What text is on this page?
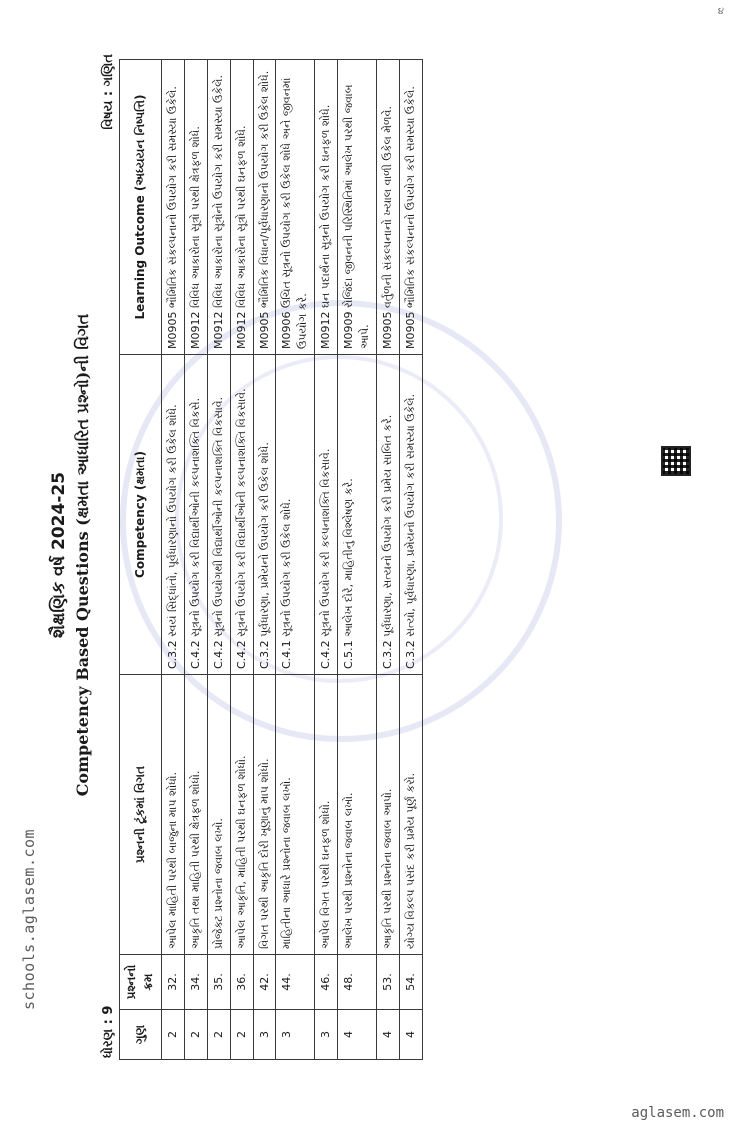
૪
schools.aglasem.com
aglasem.com
શૈક્ષણિક વર્ષ 2024-25 Competency Based Questions (ક્ષમતા આધારિત પ્રશ્નો)ની વિગત
ધોરણ : 9
વિષય : ગણિત
ગુણ	પ્રશ્નનો ક્રમ	પ્રશ્નની ટૂંકમાં વિગત	Competency (ક્ષમતા)	Learning Outcome (અધ્યયન નિષ્પત્તિ)
2	32.	આપેલ માહિતી પરથી બાજુના માપ શોધો.	C.3.2 સ્વયં સિદ્ધાંતો, પૂર્વધારણાનો ઉપયોગ કરી ઉકેલ શોધે.	M0905 ભૌમિતિક સંકલ્પનાનો ઉપયોગ કરી સમસ્યા ઉકેલે.
2	34.	આકૃતિ તથા માહિતી પરથી ક્ષેત્રફળ શોધો.	C.4.2 સૂત્રનો ઉપયોગ કરી વિદ્યાર્થીઓની કલ્પનાશક્તિ વિકસે.	M0912 વિવિધ આકારોના સૂત્રો પરથી ક્ષેત્રફળ શોધે.
2	35.	પ્રોજેક્ટ પ્રશ્નોના જવાબ લખો.	C.4.2 સૂત્રનો ઉપયોગથી વિદ્યાર્થીઓની કલ્પનાશક્તિ વિકસાવે.	M0912 વિવિધ આકારોના સૂત્રોનો ઉપયોગ કરી સમસ્યા ઉકેલે.
2	36.	આપેલ આકૃતિ, માહિતી પરથી ઘનફળ શોધો.	C.4.2 સૂત્રનો ઉપયોગ કરી વિદ્યાર્થીઓની કલ્પનાશક્તિ વિકસાવે.	M0912 વિવિધ આકારોના સૂત્રો પરથી ઘનફળ શોધે.
3	42.	વિગત પરથી આકૃતિ દોરી ખૂણાનું માપ શોધો.	C.3.2 પૂર્વધારણા, પ્રમેયનો ઉપયોગ કરી ઉકેલ શોધે.	M0905 ભૌમિતિક વિધાન/પૂર્વધારણાનો ઉપયોગ કરી ઉકેલ શોધે.
3	44.	માહિતીના આધારે પ્રશ્નોના જવાબ લખો.	C.4.1 સૂત્રનો ઉપયોગ કરી ઉકેલ શોધે.	M0906 ઉચિત સૂત્રનો ઉપયોગ કરી ઉકેલ શોધે અને જીવનમાં ઉપયોગ કરે.
3	46.	આપેલ વિગત પરથી ઘનફળ શોધો.	C.4.2 સૂત્રનો ઉપયોગ કરી કલ્પનાશક્તિ વિકસાવે.	M0912 ઘન પદાર્થના સૂત્રનો ઉપયોગ કરી ઘનફળ શોધે.
4	48.	આલેખ પરથી પ્રશ્નોના જવાબ લખો.	C.5.1 આલેખ દોરે, માહિતીનું વિશ્લેષણ કરે.	M0909 રોજિંદા જીવનની પરિસ્થિતિમાં આલેખ પરથી જવાબ આપે.
4	53.	આકૃતિ પરથી પ્રશ્નોના જવાબ આપો.	C.3.2 પૂર્વધારણા, સત્યનો ઉપયોગ કરી પ્રમેય સાબિત કરે.	M0905 વર્તુળની સંકલ્પનાનો ખ્યાલ વાળી ઉકેલ મેળવે.
4	54.	યોગ્ય વિકલ્પ પસંદ કરી પ્રમેય પૂર્ણ કરો.	C.3.2 સત્યો, પૂર્વધારણા, પ્રમેયનો ઉપયોગ કરી સમસ્યા ઉકેલે.	M0905 ભૌમિતિક સંકલ્પનાનો ઉપયોગ કરી સમસ્યા ઉકેલે.
